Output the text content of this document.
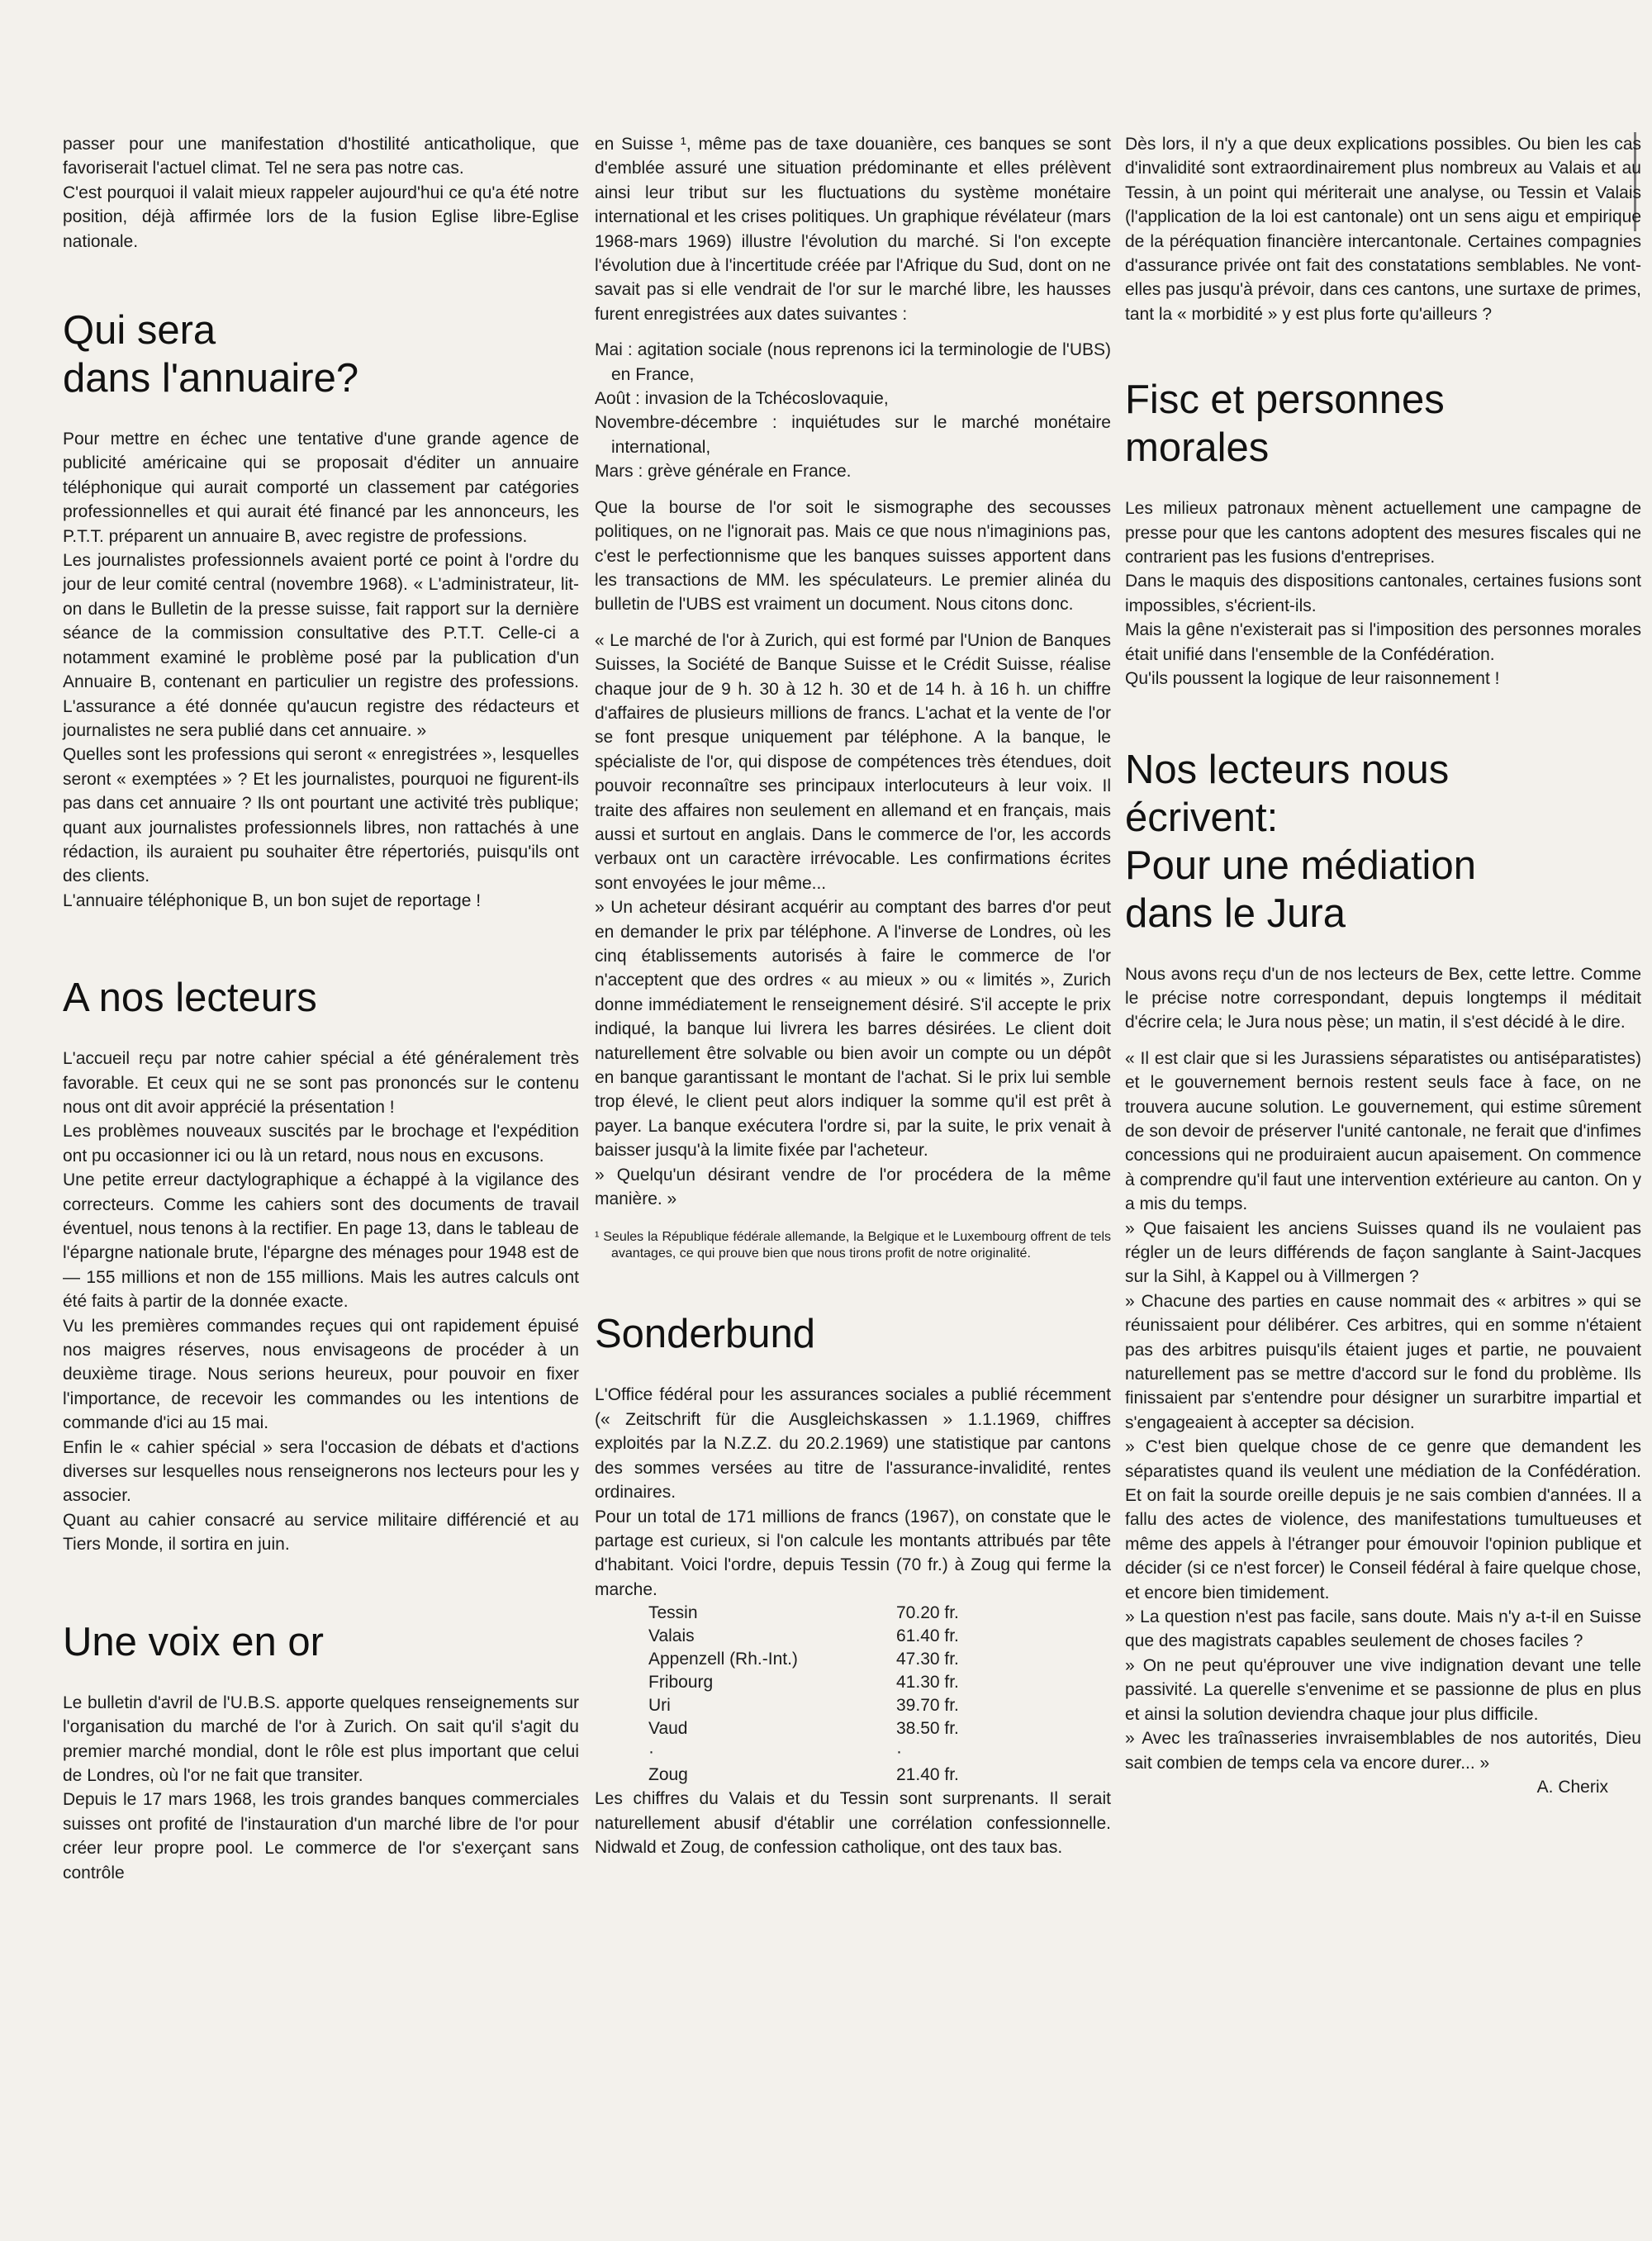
passer pour une manifestation d'hostilité anticatholique, que favoriserait l'actuel climat. Tel ne sera pas notre cas.

C'est pourquoi il valait mieux rappeler aujourd'hui ce qu'a été notre position, déjà affirmée lors de la fusion Eglise libre-Eglise nationale.

Qui sera
dans l'annuaire?

Pour mettre en échec une tentative d'une grande agence de publicité américaine qui se proposait d'éditer un annuaire téléphonique qui aurait comporté un classement par catégories professionnelles et qui aurait été financé par les annonceurs, les P.T.T. préparent un annuaire B, avec registre de professions.

Les journalistes professionnels avaient porté ce point à l'ordre du jour de leur comité central (novembre 1968). « L'administrateur, lit-on dans le Bulletin de la presse suisse, fait rapport sur la dernière séance de la commission consultative des P.T.T. Celle-ci a notamment examiné le problème posé par la publication d'un Annuaire B, contenant en particulier un registre des professions. L'assurance a été donnée qu'aucun registre des rédacteurs et journalistes ne sera publié dans cet annuaire. »

Quelles sont les professions qui seront « enregistrées », lesquelles seront « exemptées » ? Et les journalistes, pourquoi ne figurent-ils pas dans cet annuaire ? Ils ont pourtant une activité très publique; quant aux journalistes professionnels libres, non rattachés à une rédaction, ils auraient pu souhaiter être répertoriés, puisqu'ils ont des clients.

L'annuaire téléphonique B, un bon sujet de reportage !

A nos lecteurs

L'accueil reçu par notre cahier spécial a été généralement très favorable. Et ceux qui ne se sont pas prononcés sur le contenu nous ont dit avoir apprécié la présentation !

Les problèmes nouveaux suscités par le brochage et l'expédition ont pu occasionner ici ou là un retard, nous nous en excusons.

Une petite erreur dactylographique a échappé à la vigilance des correcteurs. Comme les cahiers sont des documents de travail éventuel, nous tenons à la rectifier. En page 13, dans le tableau de l'épargne nationale brute, l'épargne des ménages pour 1948 est de — 155 millions et non de 155 millions. Mais les autres calculs ont été faits à partir de la donnée exacte.

Vu les premières commandes reçues qui ont rapidement épuisé nos maigres réserves, nous envisageons de procéder à un deuxième tirage. Nous serions heureux, pour pouvoir en fixer l'importance, de recevoir les commandes ou les intentions de commande d'ici au 15 mai.

Enfin le « cahier spécial » sera l'occasion de débats et d'actions diverses sur lesquelles nous renseignerons nos lecteurs pour les y associer.

Quant au cahier consacré au service militaire différencié et au Tiers Monde, il sortira en juin.

Une voix en or

Le bulletin d'avril de l'U.B.S. apporte quelques renseignements sur l'organisation du marché de l'or à Zurich. On sait qu'il s'agit du premier marché mondial, dont le rôle est plus important que celui de Londres, où l'or ne fait que transiter.

Depuis le 17 mars 1968, les trois grandes banques commerciales suisses ont profité de l'instauration d'un marché libre de l'or pour créer leur propre pool. Le commerce de l'or s'exerçant sans contrôle

en Suisse ¹, même pas de taxe douanière, ces banques se sont d'emblée assuré une situation prédominante et elles prélèvent ainsi leur tribut sur les fluctuations du système monétaire international et les crises politiques. Un graphique révélateur (mars 1968-mars 1969) illustre l'évolution du marché. Si l'on excepte l'évolution due à l'incertitude créée par l'Afrique du Sud, dont on ne savait pas si elle vendrait de l'or sur le marché libre, les hausses furent enregistrées aux dates suivantes :

Mai : agitation sociale (nous reprenons ici la terminologie de l'UBS) en France,

Août : invasion de la Tchécoslovaquie,

Novembre-décembre : inquiétudes sur le marché monétaire international,

Mars : grève générale en France.

Que la bourse de l'or soit le sismographe des secousses politiques, on ne l'ignorait pas. Mais ce que nous n'imaginions pas, c'est le perfectionnisme que les banques suisses apportent dans les transactions de MM. les spéculateurs. Le premier alinéa du bulletin de l'UBS est vraiment un document. Nous citons donc.

« Le marché de l'or à Zurich, qui est formé par l'Union de Banques Suisses, la Société de Banque Suisse et le Crédit Suisse, réalise chaque jour de 9 h. 30 à 12 h. 30 et de 14 h. à 16 h. un chiffre d'affaires de plusieurs millions de francs. L'achat et la vente de l'or se font presque uniquement par téléphone. A la banque, le spécialiste de l'or, qui dispose de compétences très étendues, doit pouvoir reconnaître ses principaux interlocuteurs à leur voix. Il traite des affaires non seulement en allemand et en français, mais aussi et surtout en anglais. Dans le commerce de l'or, les accords verbaux ont un caractère irrévocable. Les confirmations écrites sont envoyées le jour même...

» Un acheteur désirant acquérir au comptant des barres d'or peut en demander le prix par téléphone. A l'inverse de Londres, où les cinq établissements autorisés à faire le commerce de l'or n'acceptent que des ordres « au mieux » ou « limités », Zurich donne immédiatement le renseignement désiré. S'il accepte le prix indiqué, la banque lui livrera les barres désirées. Le client doit naturellement être solvable ou bien avoir un compte ou un dépôt en banque garantissant le montant de l'achat. Si le prix lui semble trop élevé, le client peut alors indiquer la somme qu'il est prêt à payer. La banque exécutera l'ordre si, par la suite, le prix venait à baisser jusqu'à la limite fixée par l'acheteur.

» Quelqu'un désirant vendre de l'or procédera de la même manière. »

¹ Seules la République fédérale allemande, la Belgique et le Luxembourg offrent de tels avantages, ce qui prouve bien que nous tirons profit de notre originalité.

Sonderbund

L'Office fédéral pour les assurances sociales a publié récemment (« Zeitschrift für die Ausgleichskassen » 1.1.1969, chiffres exploités par la N.Z.Z. du 20.2.1969) une statistique par cantons des sommes versées au titre de l'assurance-invalidité, rentes ordinaires.

Pour un total de 171 millions de francs (1967), on constate que le partage est curieux, si l'on calcule les montants attribués par tête d'habitant. Voici l'ordre, depuis Tessin (70 fr.) à Zoug qui ferme la marche.

Tessin	70.20 fr.
Valais	61.40 fr.
Appenzell (Rh.-Int.)	47.30 fr.
Fribourg	41.30 fr.
Uri	39.70 fr.
Vaud	38.50 fr.
·	·
Zoug	21.40 fr.

Les chiffres du Valais et du Tessin sont surprenants. Il serait naturellement abusif d'établir une corrélation confessionnelle. Nidwald et Zoug, de confession catholique, ont des taux bas.

Dès lors, il n'y a que deux explications possibles. Ou bien les cas d'invalidité sont extraordinairement plus nombreux au Valais et au Tessin, à un point qui mériterait une analyse, ou Tessin et Valais (l'application de la loi est cantonale) ont un sens aigu et empirique de la péréquation financière intercantonale. Certaines compagnies d'assurance privée ont fait des constatations semblables. Ne vont-elles pas jusqu'à prévoir, dans ces cantons, une surtaxe de primes, tant la « morbidité » y est plus forte qu'ailleurs ?

Fisc et personnes
morales

Les milieux patronaux mènent actuellement une campagne de presse pour que les cantons adoptent des mesures fiscales qui ne contrarient pas les fusions d'entreprises.

Dans le maquis des dispositions cantonales, certaines fusions sont impossibles, s'écrient-ils.

Mais la gêne n'existerait pas si l'imposition des personnes morales était unifié dans l'ensemble de la Confédération.

Qu'ils poussent la logique de leur raisonnement !

Nos lecteurs nous
écrivent:
Pour une médiation
dans le Jura

Nous avons reçu d'un de nos lecteurs de Bex, cette lettre. Comme le précise notre correspondant, depuis longtemps il méditait d'écrire cela; le Jura nous pèse; un matin, il s'est décidé à le dire.

« Il est clair que si les Jurassiens séparatistes ou antiséparatistes) et le gouvernement bernois restent seuls face à face, on ne trouvera aucune solution. Le gouvernement, qui estime sûrement de son devoir de préserver l'unité cantonale, ne ferait que d'infimes concessions qui ne produiraient aucun apaisement. On commence à comprendre qu'il faut une intervention extérieure au canton. On y a mis du temps.

» Que faisaient les anciens Suisses quand ils ne voulaient pas régler un de leurs différends de façon sanglante à Saint-Jacques sur la Sihl, à Kappel ou à Villmergen ?

» Chacune des parties en cause nommait des « arbitres » qui se réunissaient pour délibérer. Ces arbitres, qui en somme n'étaient pas des arbitres puisqu'ils étaient juges et partie, ne pouvaient naturellement pas se mettre d'accord sur le fond du problème. Ils finissaient par s'entendre pour désigner un surarbitre impartial et s'engageaient à accepter sa décision.

» C'est bien quelque chose de ce genre que demandent les séparatistes quand ils veulent une médiation de la Confédération. Et on fait la sourde oreille depuis je ne sais combien d'années. Il a fallu des actes de violence, des manifestations tumultueuses et même des appels à l'étranger pour émouvoir l'opinion publique et décider (si ce n'est forcer) le Conseil fédéral à faire quelque chose, et encore bien timidement.

» La question n'est pas facile, sans doute. Mais n'y a-t-il en Suisse que des magistrats capables seulement de choses faciles ?

» On ne peut qu'éprouver une vive indignation devant une telle passivité. La querelle s'envenime et se passionne de plus en plus et ainsi la solution deviendra chaque jour plus difficile.

» Avec les traînasseries invraisemblables de nos autorités, Dieu sait combien de temps cela va encore durer... »

A. Cherix
